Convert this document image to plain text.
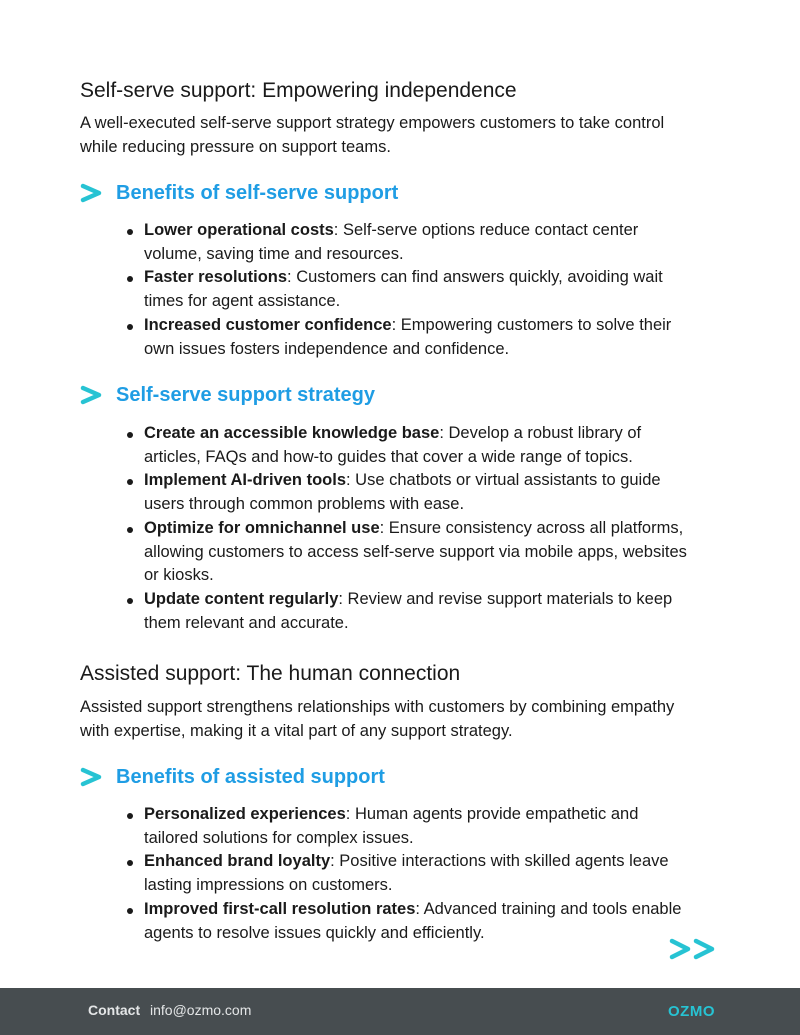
Self-serve support: Empowering independence

A well-executed self-serve support strategy empowers customers to take control
while reducing pressure on support teams.

Benefits of self-serve support
Lower operational costs: Self-serve options reduce contact center volume, saving time and resources.
Faster resolutions: Customers can find answers quickly, avoiding wait times for agent assistance.
Increased customer confidence: Empowering customers to solve their own issues fosters independence and confidence.
Self-serve support strategy
Create an accessible knowledge base: Develop a robust library of articles, FAQs and how-to guides that cover a wide range of topics.
Implement AI-driven tools: Use chatbots or virtual assistants to guide users through common problems with ease.
Optimize for omnichannel use: Ensure consistency across all platforms, allowing customers to access self-serve support via mobile apps, websites or kiosks.
Update content regularly: Review and revise support materials to keep them relevant and accurate.
Assisted support: The human connection

Assisted support strengthens relationships with customers by combining empathy
with expertise, making it a vital part of any support strategy.

Benefits of assisted support
Personalized experiences: Human agents provide empathetic and tailored solutions for complex issues.
Enhanced brand loyalty: Positive interactions with skilled agents leave lasting impressions on customers.
Improved first-call resolution rates: Advanced training and tools enable agents to resolve issues quickly and efficiently.
Contact info@ozmo.com	OZMO
